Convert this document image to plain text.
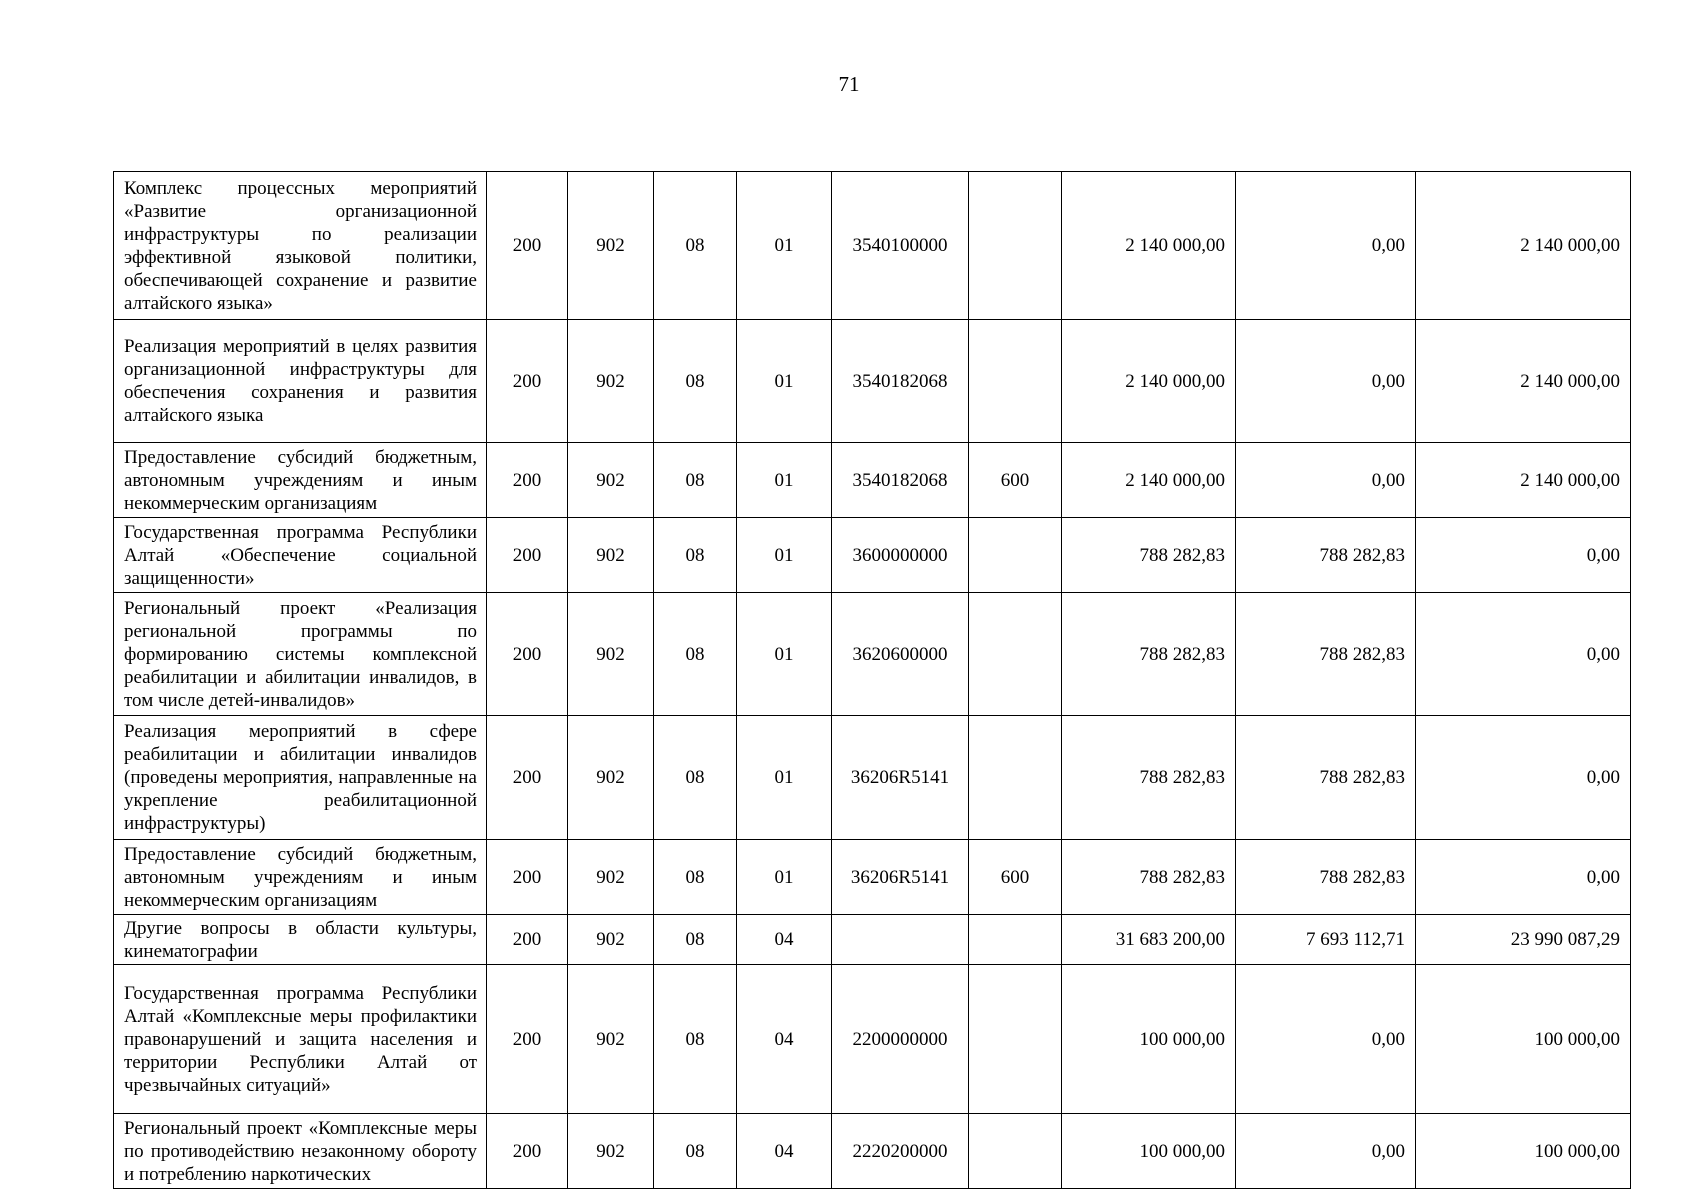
71
Комплекс процессных мероприятий «Развитие организационной инфраструктуры по реализации эффективной языковой политики, обеспечивающей сохранение и развитие алтайского языка»	200	902	08	01	3540100000		2 140 000,00	0,00	2 140 000,00
Реализация мероприятий в целях развития организационной инфраструктуры для обеспечения сохранения и развития алтайского языка	200	902	08	01	3540182068		2 140 000,00	0,00	2 140 000,00
Предоставление субсидий бюджетным, автономным учреждениям и иным некоммерческим организациям	200	902	08	01	3540182068	600	2 140 000,00	0,00	2 140 000,00
Государственная программа Республики Алтай «Обеспечение социальной защищенности»	200	902	08	01	3600000000		788 282,83	788 282,83	0,00
Региональный проект «Реализация региональной программы по формированию системы комплексной реабилитации и абилитации инвалидов, в том числе детей-инвалидов»	200	902	08	01	3620600000		788 282,83	788 282,83	0,00
Реализация мероприятий в сфере реабилитации и абилитации инвалидов (проведены мероприятия, направленные на укрепление реабилитационной инфраструктуры)	200	902	08	01	36206R5141		788 282,83	788 282,83	0,00
Предоставление субсидий бюджетным, автономным учреждениям и иным некоммерческим организациям	200	902	08	01	36206R5141	600	788 282,83	788 282,83	0,00
Другие вопросы в области культуры, кинематографии	200	902	08	04			31 683 200,00	7 693 112,71	23 990 087,29
Государственная программа Республики Алтай «Комплексные меры профилактики правонарушений и защита населения и территории Республики Алтай от чрезвычайных ситуаций»	200	902	08	04	2200000000		100 000,00	0,00	100 000,00
Региональный проект «Комплексные меры по противодействию незаконному обороту и потреблению наркотических	200	902	08	04	2220200000		100 000,00	0,00	100 000,00
